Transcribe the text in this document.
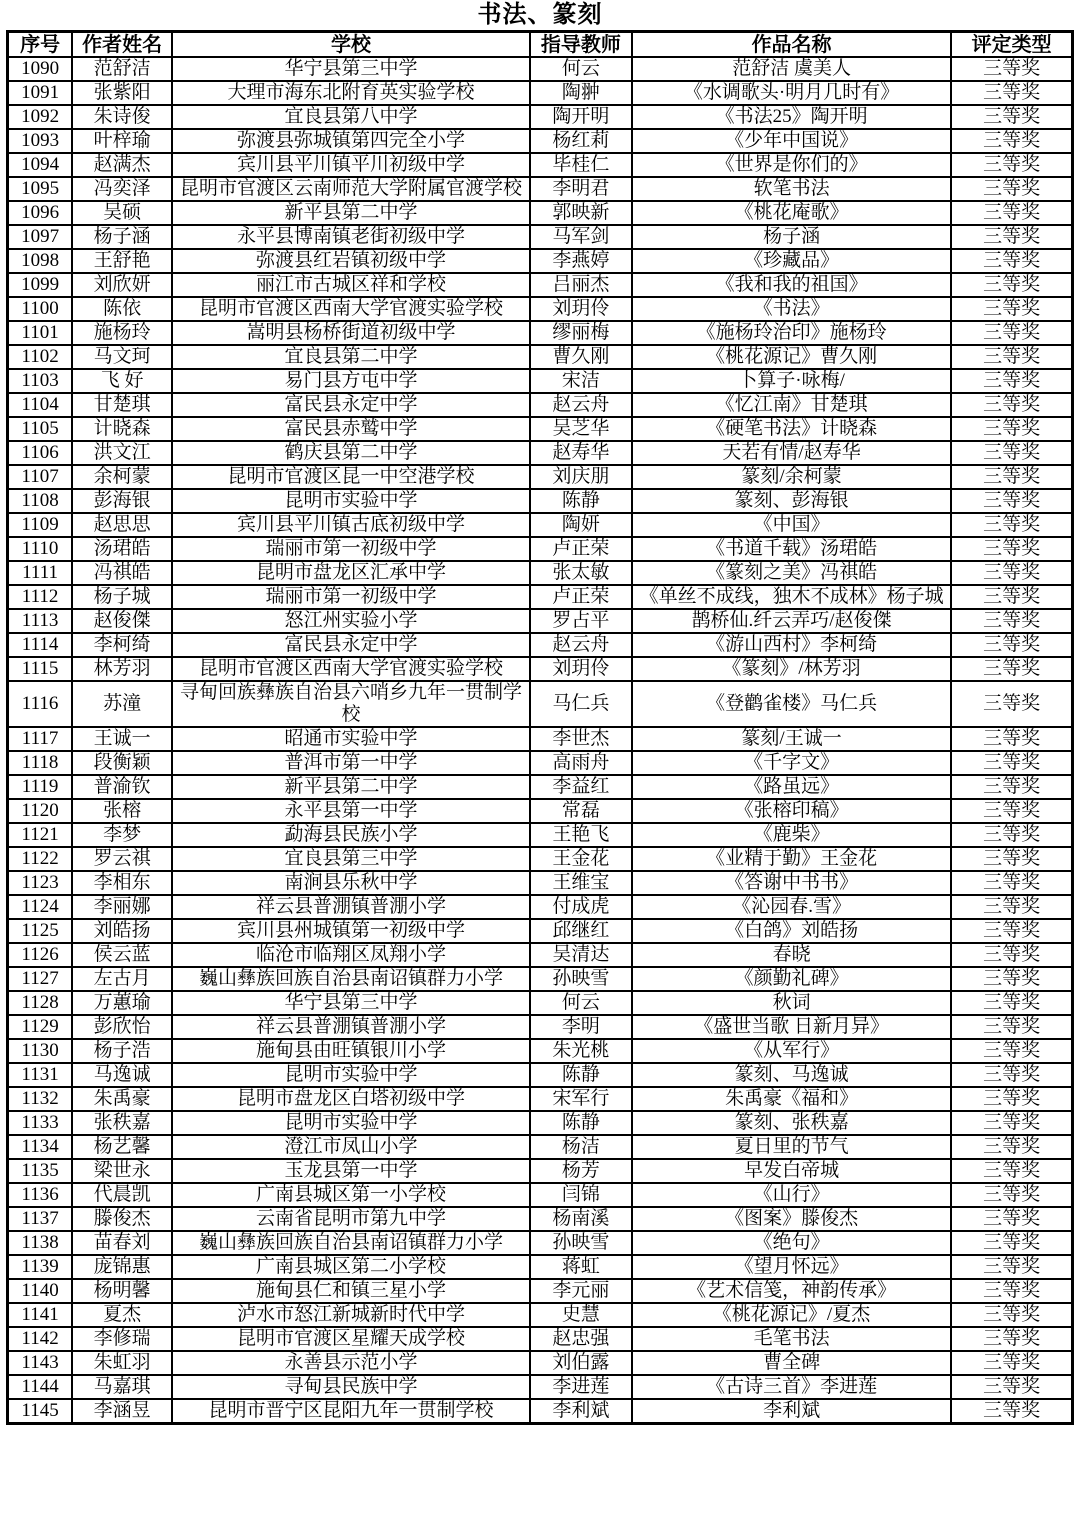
书法、篆刻
序号	作者姓名	学校	指导教师	作品名称	评定类型
1090	范舒洁	华宁县第三中学	何云	范舒洁 虞美人	三等奖
1091	张紫阳	大理市海东北附育英实验学校	陶翀	《水调歌头·明月几时有》	三等奖
1092	朱诗俊	宜良县第八中学	陶开明	《书法25》陶开明	三等奖
1093	叶梓瑜	弥渡县弥城镇第四完全小学	杨红莉	《少年中国说》	三等奖
1094	赵满杰	宾川县平川镇平川初级中学	毕桂仁	《世界是你们的》	三等奖
1095	冯奕泽	昆明市官渡区云南师范大学附属官渡学校	李明君	软笔书法	三等奖
1096	吴硕	新平县第二中学	郭映新	《桃花庵歌》	三等奖
1097	杨子涵	永平县博南镇老街初级中学	马军剑	杨子涵	三等奖
1098	王舒艳	弥渡县红岩镇初级中学	李燕婷	《珍藏品》	三等奖
1099	刘欣妍	丽江市古城区祥和学校	吕丽杰	《我和我的祖国》	三等奖
1100	陈依	昆明市官渡区西南大学官渡实验学校	刘玥伶	《书法》	三等奖
1101	施杨玲	嵩明县杨桥街道初级中学	缪丽梅	《施杨玲治印》施杨玲	三等奖
1102	马文珂	宜良县第二中学	曹久刚	《桃花源记》曹久刚	三等奖
1103	飞 好	易门县方屯中学	宋洁	卜算子·咏梅/	三等奖
1104	甘楚琪	富民县永定中学	赵云舟	《忆江南》甘楚琪	三等奖
1105	计晓森	富民县赤鹫中学	吴芝华	《硬笔书法》计晓森	三等奖
1106	洪文江	鹤庆县第二中学	赵寿华	天若有情/赵寿华	三等奖
1107	余柯蒙	昆明市官渡区昆一中空港学校	刘庆朋	篆刻/余柯蒙	三等奖
1108	彭海银	昆明市实验中学	陈静	篆刻、彭海银	三等奖
1109	赵思思	宾川县平川镇古底初级中学	陶妍	《中国》	三等奖
1110	汤珺皓	瑞丽市第一初级中学	卢正荣	《书道千载》汤珺皓	三等奖
1111	冯祺皓	昆明市盘龙区汇承中学	张太敏	《篆刻之美》冯祺皓	三等奖
1112	杨子城	瑞丽市第一初级中学	卢正荣	《单丝不成线，独木不成林》杨子城	三等奖
1113	赵俊傑	怒江州实验小学	罗占平	鹊桥仙.纤云弄巧/赵俊傑	三等奖
1114	李柯绮	富民县永定中学	赵云舟	《游山西村》李柯绮	三等奖
1115	林芳羽	昆明市官渡区西南大学官渡实验学校	刘玥伶	《篆刻》/林芳羽	三等奖
1116	苏潼	寻甸回族彝族自治县六哨乡九年一贯制学校	马仁兵	《登鹳雀楼》马仁兵	三等奖
1117	王诚一	昭通市实验中学	李世杰	篆刻/王诚一	三等奖
1118	段衡颖	普洱市第一中学	高雨舟	《千字文》	三等奖
1119	普渝钦	新平县第二中学	李益红	《路虽远》	三等奖
1120	张榕	永平县第一中学	常磊	《张榕印稿》	三等奖
1121	李梦	勐海县民族小学	王艳飞	《鹿柴》	三等奖
1122	罗云祺	宜良县第三中学	王金花	《业精于勤》王金花	三等奖
1123	李相东	南涧县乐秋中学	王维宝	《答谢中书书》	三等奖
1124	李丽娜	祥云县普淜镇普淜小学	付成虎	《沁园春.雪》	三等奖
1125	刘皓扬	宾川县州城镇第一初级中学	邱继红	《白鸽》刘皓扬	三等奖
1126	侯云蓝	临沧市临翔区凤翔小学	吴清达	春晓	三等奖
1127	左古月	巍山彝族回族自治县南诏镇群力小学	孙映雪	《颜勤礼碑》	三等奖
1128	万蕙瑜	华宁县第三中学	何云	秋词	三等奖
1129	彭欣怡	祥云县普淜镇普淜小学	李明	《盛世当歌 日新月异》	三等奖
1130	杨子浩	施甸县由旺镇银川小学	朱光桃	《从军行》	三等奖
1131	马逸诚	昆明市实验中学	陈静	篆刻、马逸诚	三等奖
1132	朱禹豪	昆明市盘龙区白塔初级中学	宋军行	朱禹豪《福和》	三等奖
1133	张秩嘉	昆明市实验中学	陈静	篆刻、张秩嘉	三等奖
1134	杨艺馨	澄江市凤山小学	杨洁	夏日里的节气	三等奖
1135	梁世永	玉龙县第一中学	杨芳	早发白帝城	三等奖
1136	代晨凯	广南县城区第一小学校	闫锦	《山行》	三等奖
1137	滕俊杰	云南省昆明市第九中学	杨南溪	《图案》滕俊杰	三等奖
1138	苗春刘	巍山彝族回族自治县南诏镇群力小学	孙映雪	《绝句》	三等奖
1139	庞锦惠	广南县城区第二小学校	蒋虹	《望月怀远》	三等奖
1140	杨明馨	施甸县仁和镇三星小学	李元丽	《艺术信笺，神韵传承》	三等奖
1141	夏杰	泸水市怒江新城新时代中学	史慧	《桃花源记》/夏杰	三等奖
1142	李修瑞	昆明市官渡区星耀天成学校	赵忠强	毛笔书法	三等奖
1143	朱虹羽	永善县示范小学	刘伯露	曹全碑	三等奖
1144	马嘉琪	寻甸县民族中学	李进莲	《古诗三首》李进莲	三等奖
1145	李涵昱	昆明市晋宁区昆阳九年一贯制学校	李利斌	李利斌	三等奖
